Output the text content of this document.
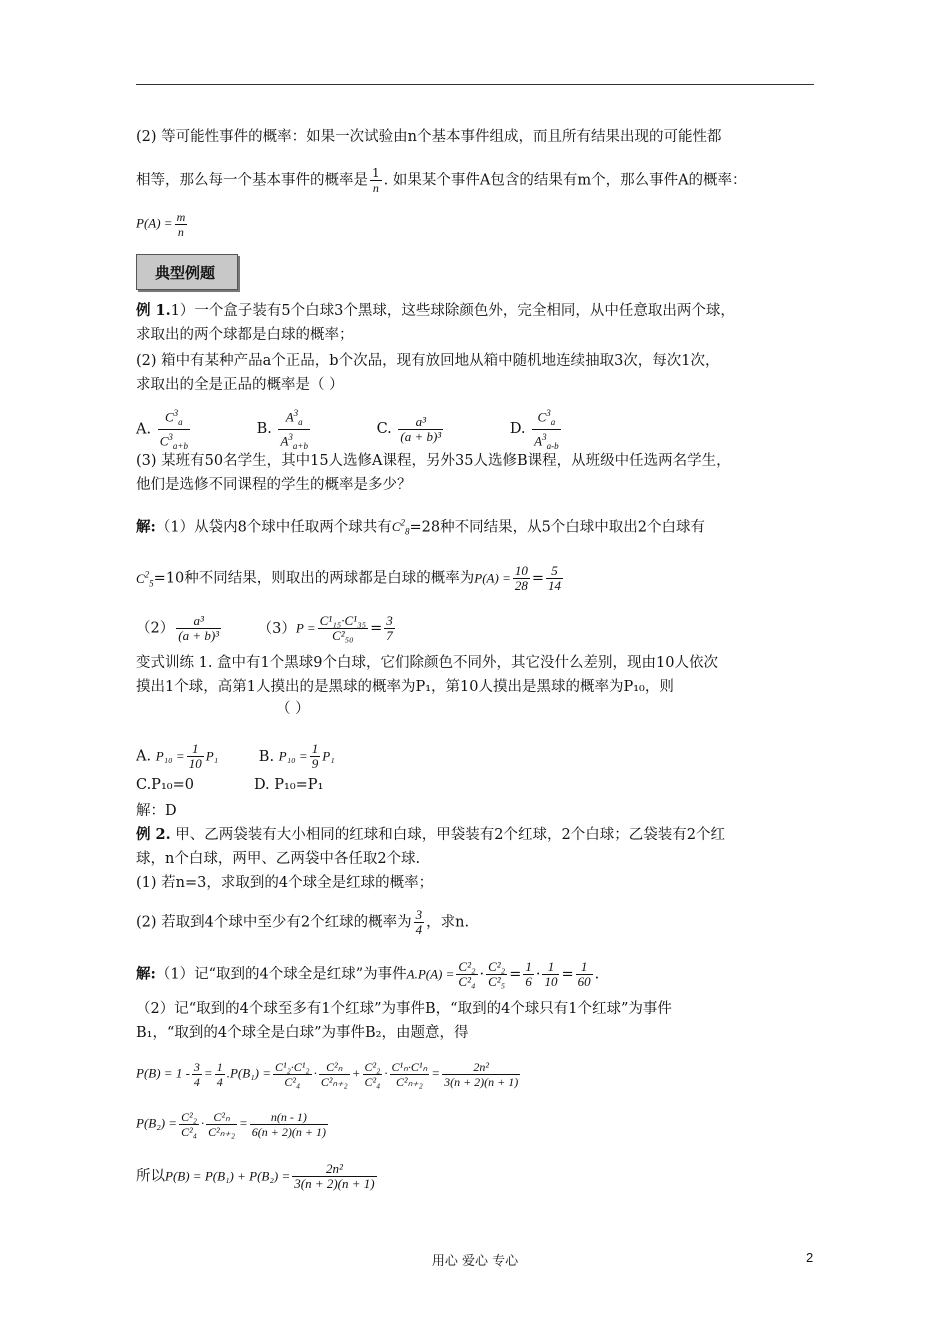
(2) 等可能性事件的概率：如果一次试验由n个基本事件组成，而且所有结果出现的可能性都
相等，那么每一个基本事件的概率是 $\frac{1}{n}$ . 如果某个事件A包含的结果有m个，那么事件A的概率：
$P(A) = \frac{m}{n}$
典型例题
例 1.1）一个盒子装有5个白球3个黑球，这些球除颜色外，完全相同，从中任意取出两个球，
求取出的两个球都是白球的概率；
(2) 箱中有某种产品a个正品，b个次品，现有放回地从箱中随机地连续抽取3次，每次1次，
求取出的全是正品的概率是（ ）
A. $\frac{C^3_a}{C^3_{a+b}}$	B. $\frac{A^3_a}{A^3_{a+b}}$	C. $\frac{\text{a³}}{\text{(a + b)³}}$	D. $\frac{C^3_a}{A^3_{a-b}}$
(3) 某班有50名学生，其中15人选修A课程，另外35人选修B课程，从班级中任选两名学生，
他们是选修不同课程的学生的概率是多少？
解:（1）从袋内8个球中任取两个球共有$C^2_8=28$种不同结果，从5个白球中取出2个白球有
$C^2_5=10$种不同结果，则取出的两球都是白球的概率为$P(A) = \frac{10}{28} = \frac{5}{14}$
$(2) \frac{\text{a³}}{\text{(a + b)³}}$	$(3)P = \frac{\text{C¹₁₅·C¹₃₅}}{\text{C²₅₀}} = \frac{3}{7}$
变式训练 1. 盒中有1个黑球9个白球，它们除颜色不同外，其它没什么差别，现由10人依次
摸出1个球，高第1人摸出的是黑球的概率为P₁，第10人摸出是黑球的概率为P₁₀，则
（ ）
A. $P_{10} = \frac{1}{10} P_1$	B. $P_{10} = \frac{1}{9} P_1$
C.P₁₀=0	D. P₁₀=P₁
解：D
例 2. 甲、乙两袋装有大小相同的红球和白球，甲袋装有2个红球，2个白球；乙袋装有2个红
球，n个白球，两甲、乙两袋中各任取2个球.
(1) 若n=3，求取到的4个球全是红球的概率；
(2) 若取到4个球中至少有2个红球的概率为 $\frac{3}{4}$ ，求n.
解:（1）记“取到的4个球全是红球”为事件$A.P(A) = \frac{\text{C²₂}}{\text{C²₄}} \cdot \frac{\text{C²₂}}{\text{C²₅}} = \frac{1}{6} \cdot \frac{1}{10} = \frac{1}{60}$ .
（2）记“取到的4个球至多有1个红球”为事件B，“取到的4个球只有1个红球”为事件
B₁，“取到的4个球全是白球”为事件B₂，由题意，得
$P(B) = 1 - \frac{3}{4} = \frac{1}{4} .P(B_1) = \frac{\text{C¹₂·C¹₂}}{\text{C²₄}} \cdot \frac{\text{C²ₙ}}{\text{C²ₙ₊₂}} + \frac{\text{C²₂}}{\text{C²₄}} \cdot \frac{\text{C¹ₙ·C¹ₙ}}{\text{C²ₙ₊₂}} = \frac{\text{2n²}}{3(n + 2)(n + 1)}$
$P(B_2) = \frac{\text{C²₂}}{\text{C²₄}} \cdot \frac{\text{C²ₙ}}{\text{C²ₙ₊₂}} = \frac{n(n - 1)}{6(n + 2)(n + 1)}$
所以$P(B) = P(B_1) + P(B_2) = \frac{\text{2n²}}{3(n + 2)(n + 1)}$
用心 爱心 专心	2
